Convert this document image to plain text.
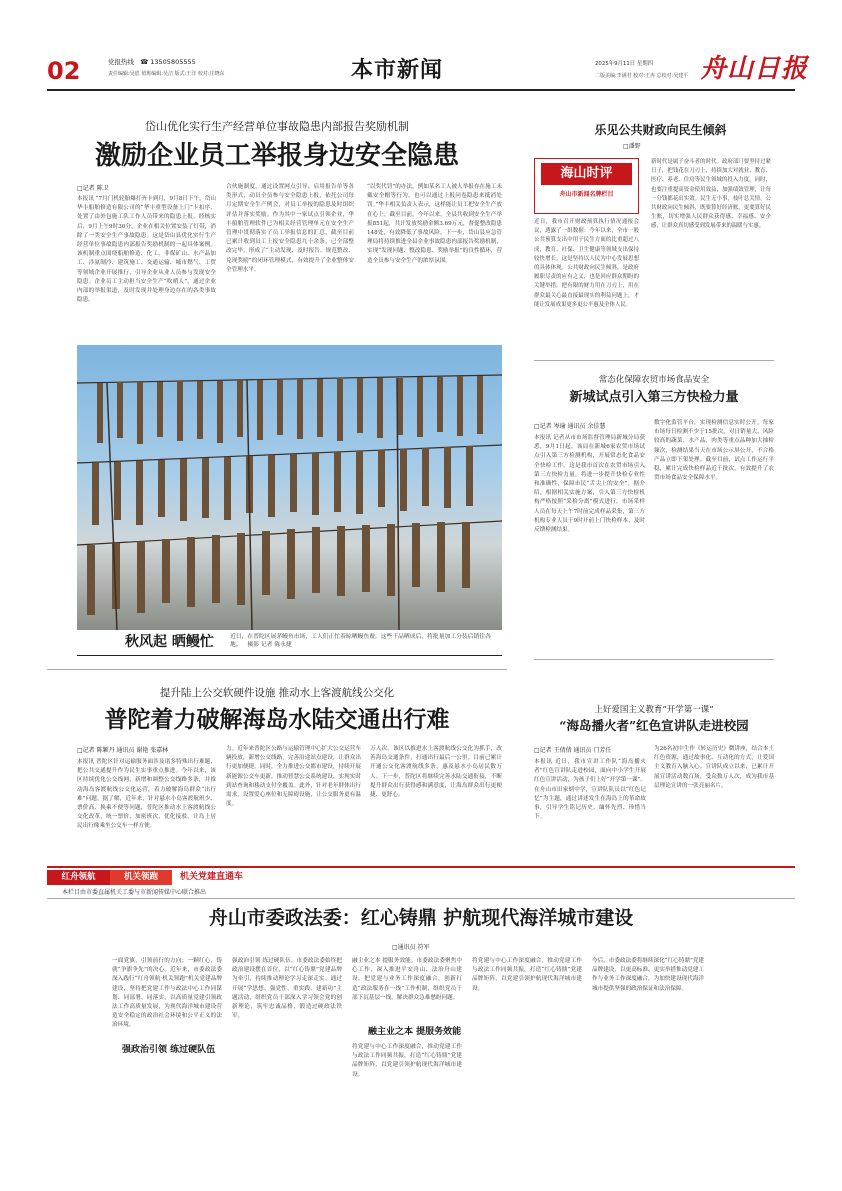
02	党报热线 ☎ 13505805555
责任编辑:吴恩 值班编辑:吴洁 版式:王洋 校对:庄晓东	本市新闻	2025年9月11日 星期四
二版美编:李满君 校对:王冉 总校对:吴建平 舟山日报
岱山优化实行生产经营单位事故隐患内部报告奖励机制
激励企业员工举报身边安全隐患
□记者 陈卫
本报讯 “7月门机轮胎爆打齐卡到月，9月8日下午，岱山华丰船舶修造有限公司的“华丰重型设备上门”卡扣序，处置了由外包施工队工作人员带来的隐患上报。经核实后，9月上午9时30分，企业在相关位置安装了灯带，消除了一类安全生产事故隐患。这是岱山县优化实行生产经营单位事故隐患内部报告奖励机制的一起具体案例。该机制重点围绕船舶修造、化工、非煤矿山、水产品加工、涉氨制冷、建筑施工、交通运输、城市燃气、工贸等领域企业开展推行，引导企业从业人员参与发现安全隐患。企业员工主动担当安全生产“吹哨人”，通过企业内部的举报渠道，及时发现并处理身边存在的各类事故隐患。
合伙施制度，通过设置网点引导、启用报告单等各类形式，动员全员参与安全隐患上报，依托公司每月定期安全生产例会，对员工举报的隐患及时组织评估并落实奖励。作为其中一家试点引领企业，华丰船舶管理软件已为相关经营管理单元在安全生产管理中贯彻落实了员工举报信息的汇总，截至目前已累计收到员工上报安全隐患九十余条，已全部整改完毕，形成了“主动发现、及时报告、规范整改、兑现奖励”的闭环管理模式，有效提升了企业整体安全管理水平。
“以奖代罚”的办法，例如某名工人被人举报存在施工未戴安全帽等行为，也可以通过上报问卷隐患来抵消处罚。”华丰相关负责人表示，这样能让员工把安全生产放在心上。截至目前，今年以来，全县共收到安全生产举报851起，共计发放奖励金额3.69万元，督促整改隐患148处，有效降低了事故风险。下一步，岱山县应急管理局将持续推进全县企业事故隐患内部报告奖励机制，实现“发现问题、整改隐患、奖励举报”的良性循环，营造全员参与安全生产的浓厚氛围。
秋风起 晒鳗忙	近日，在普陀区展茅鳗鱼市场，工人们正忙着晾晒鳗鱼鲞。这些干品晒成后，将批量加工分装后销往各地。 摄影 记者 陈永捷
乐见公共财政向民生倾斜
□潘野
海山时评
舟山市新闻名牌栏目
近日，我市召开财政预算执行情况通报会议，透露了一组数据：今年以来，全市一般公共预算支出中用于民生方面的比重超过八成，教育、社保、卫生健康等领域支出保持较快增长。这是坚持以人民为中心发展思想的具体体现。公共财政向民生倾斜，是政府履职尽责的应有之义，也是回应群众期盼的关键举措。把有限的财力用在刀刃上，用在群众最关心最直接最现实的利益问题上，才能让发展成果更多更公平惠及全体人民。
新时代是属于奋斗者的时代。政府部门要坚持过紧日子，把钱花在刀刃上，持续加大对就业、教育、医疗、养老、住房等民生领域的投入力度。同时，也要注重提高资金使用效益，加强绩效管理，让每一分钱都花出实效。民生无小事，枝叶总关情。公共财政向民生倾斜，既要算好经济账，更要算好民生账，切实增强人民群众获得感、幸福感、安全感，让群众真切感受到发展带来的温暖与实惠。
常态化保障农贸市场食品安全
新城试点引入第三方快检力量
□记者 岑瑜 通讯员 余佳慧
本报讯 记者从市市场监督管理局新城分局获悉，9月1日起，该局在新城6家农贸市场试点引入第三方检测机构，开展常态化食品安全快检工作。这是我市首次在农贸市场引入第三方快检力量，将进一步提升快检专业性和准确性，保障市民“舌尖上的安全”。据介绍，根据相关实施方案，引入第三方快检机构严格按照“采检分离”模式进行，市场采样人员在每天上午7时前完成样品采集，第三方机构专业人员于9时开前上门快检样本，及时反馈检测结果。
数字化监管平台，实现检测信息实时公开。每家市场每日检测不少于15批次，对日销量大、风险较高的蔬菜、水产品、肉类等重点品种加大抽检频次，检测结果当天在市场公示屏公开，不合格产品立即下架处理。截至目前，试点工作运行平稳，累计完成快检样品近千批次，有效提升了农贸市场食品安全保障水平。
提升陆上公交软硬件设施 推动水上客渡航线公交化
普陀着力破解海岛水陆交通出行难
□记者 陈颖丹 通讯员 谢艳 张嘉林
本报讯 普陀区针对运输服务面涉及诸多特殊出行难题，把公共交通提升作为民生实事重点推进。今年以来，该区持续优化公交线网，新增和调整公交线路多条，并推动海岛客渡航线公交化运营，着力破解海岛群众“出行难”问题。据了解，近年来，针对悬水小岛客渡航班少、票价高、换乘不便等问题，普陀区推动水上客渡航线公交化改革，统一票价、加密班次、优化接驳，让岛上居民出行像乘坐公交车一样方便。
力。近年来普陀区公路与运输管理中心扩大公交运营车辆投放，新增公交线路，完善沿途站点建设，让群众出行更加便捷。同时，全力推进公交都市建设，持续开展新能源公交车更新，推动智慧公交系统建设，实现实时到站查询和移动支付全覆盖。此外，针对老年群体出行需求，设置爱心座位和无障碍设施，让公交服务更有温度。
万人次。该区以推进水上客渡航线公交化为抓手，改善海岛交通条件，打通出行最后一公里。目前已累计开通公交化客渡航线多条，惠及悬水小岛居民数万人。下一步，普陀区将继续完善水陆交通衔接，不断提升群众出行获得感和满意度，让海岛群众出行更便捷、更舒心。
上好爱国主义教育“开学第一课”
“海岛播火者”红色宣讲队走进校园
□记者 王倩倩 通讯员 门芳任
本报讯 近日，我市宣讲工作队“海岛播火者”红色宣讲队走进校园，面向中小学生开展红色宣讲活动，为孩子们上好“开学第一课”。在舟山市田家炳中学，宣讲队队员以“红色记忆”为主题，通过讲述发生在海岛上的革命故事，引导学生铭记历史、缅怀先烈、珍惜当下。
为26名初中生作《转运历史》微讲座，结合本土红色资源，通过故事化、互动化的方式，让爱国主义教育入脑入心。宣讲队成立以来，已累计开展宣讲活动数百场，受众数万人次，成为我市基层理论宣讲的一张亮丽名片。
红舟领航	机关领跑	机关党建直通车
本栏目由市委直属机关工委与市新闻传媒中心联合推出
舟山市委政法委：红心铸鼎 护航现代海洋城市建设
□通讯员 符军
一面党旗，引领前行的方向；一颗红心，铸就“争旗争先”的决心。近年来，市委政法委深入践行“红舟领航·机关领跑”机关党建品牌建设，坚持把党建工作与政法中心工作同谋划、同部署、同落实，以高质量党建引领政法工作高质量发展，为现代海洋城市建设营造安全稳定的政治社会环境和公平正义的法治环境。
强政治引领 练过硬队伍。市委政法委始终把政治建设摆在首位，以“红心铸鼎”党建品牌为牵引，持续推动理论学习走深走实。通过开展“学思想、强党性、重实践、建新功”主题活动，组织党员干部深入学习领会党的创新理论，筑牢忠诚品格，锻造过硬政法铁军。
融主业之本 提服务效能
融主业之本 提服务效能。市委政法委聚焦中心工作，深入推进平安舟山、法治舟山建设，把党建与业务工作深度融合，创新打造“政法服务在一线”工作机制，组织党员干部下沉基层一线，解决群众急难愁盼问题。
将党建与中心工作深度融合，推动党建工作与政法工作同频共振，打造“红心铸鼎”党建品牌矩阵，以党建引领护航现代海洋城市建设。
将党建与中心工作深度融合，推动党建工作与政法工作同频共振，打造“红心铸鼎”党建品牌矩阵，以党建引领护航现代海洋城市建设。
今后，市委政法委将继续深化“红心铸鼎”党建品牌建设，以更高标准、更实举措推动党建工作与业务工作深度融合，为加快建设现代海洋城市提供坚强的政治保证和法治保障。
强政治引领 练过硬队伍
